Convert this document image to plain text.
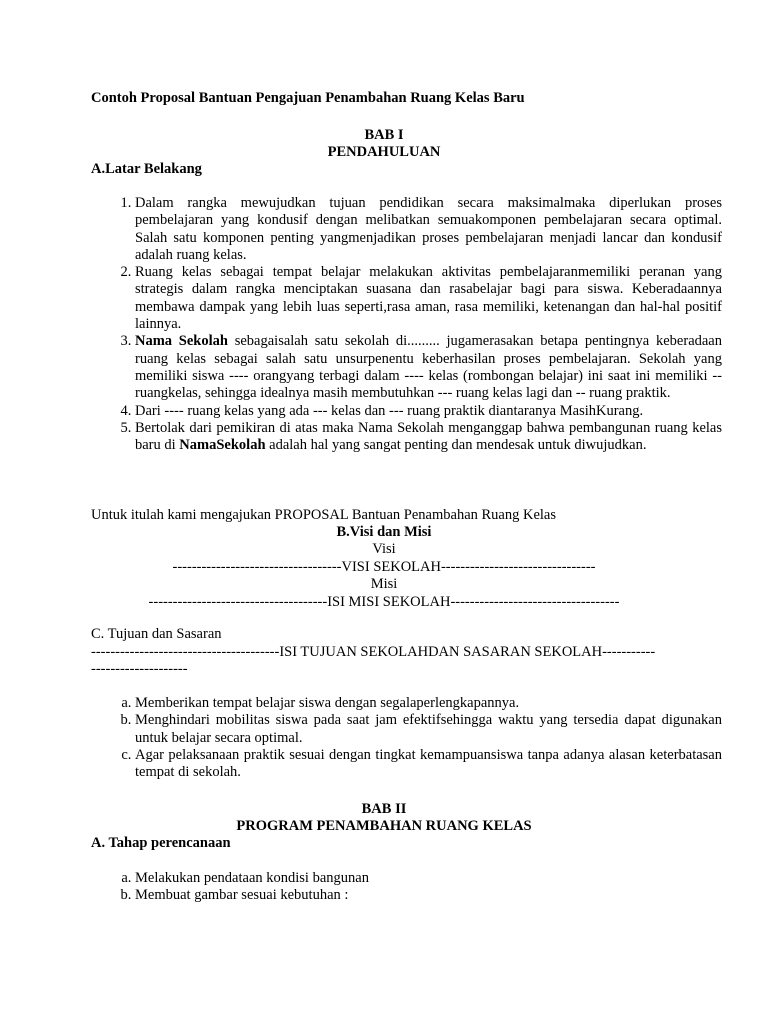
Contoh Proposal Bantuan Pengajuan Penambahan Ruang Kelas Baru
BAB I
PENDAHULUAN
A.Latar Belakang
1. Dalam rangka mewujudkan tujuan pendidikan secara maksimalmaka diperlukan proses pembelajaran yang kondusif dengan melibatkan semuakomponen pembelajaran secara optimal. Salah satu komponen penting yangmenjadikan proses pembelajaran menjadi lancar dan kondusif adalah ruang kelas.
2. Ruang kelas sebagai tempat belajar melakukan aktivitas pembelajaranmemiliki peranan yang strategis dalam rangka menciptakan suasana dan rasabelajar bagi para siswa. Keberadaannya membawa dampak yang lebih luas seperti,rasa aman, rasa memiliki, ketenangan dan hal-hal positif lainnya.
3. Nama Sekolah sebagaisalah satu sekolah di......... jugamerasakan betapa pentingnya keberadaan ruang kelas sebagai salah satu unsurpenentu keberhasilan proses pembelajaran. Sekolah yang memiliki siswa ---- orangyang terbagi dalam ---- kelas (rombongan belajar) ini saat ini memiliki --ruangkelas, sehingga idealnya masih membutuhkan --- ruang kelas lagi dan -- ruang praktik.
4. Dari ---- ruang kelas yang ada --- kelas dan --- ruang praktik diantaranya MasihKurang.
5. Bertolak dari pemikiran di atas maka Nama Sekolah menganggap bahwa pembangunan ruang kelas baru di NamaSekolah adalah hal yang sangat penting dan mendesak untuk diwujudkan.
Untuk itulah kami mengajukan PROPOSAL Bantuan Penambahan Ruang Kelas
B.Visi dan Misi
Visi
-----------------------------------VISI SEKOLAH--------------------------------
Misi
-------------------------------------ISI MISI SEKOLAH-----------------------------------
C. Tujuan dan Sasaran
---------------------------------------ISI TUJUAN SEKOLAHDAN SASARAN SEKOLAH-----------
--------------------
a. Memberikan tempat belajar siswa dengan segalaperlengkapannya.
b. Menghindari mobilitas siswa pada saat jam efektifsehingga waktu yang tersedia dapat digunakan untuk belajar secara optimal.
c. Agar pelaksanaan praktik sesuai dengan tingkat kemampuansiswa tanpa adanya alasan keterbatasan tempat di sekolah.
BAB II
PROGRAM PENAMBAHAN RUANG KELAS
A. Tahap perencanaan
a. Melakukan pendataan kondisi bangunan
b. Membuat gambar sesuai kebutuhan :
